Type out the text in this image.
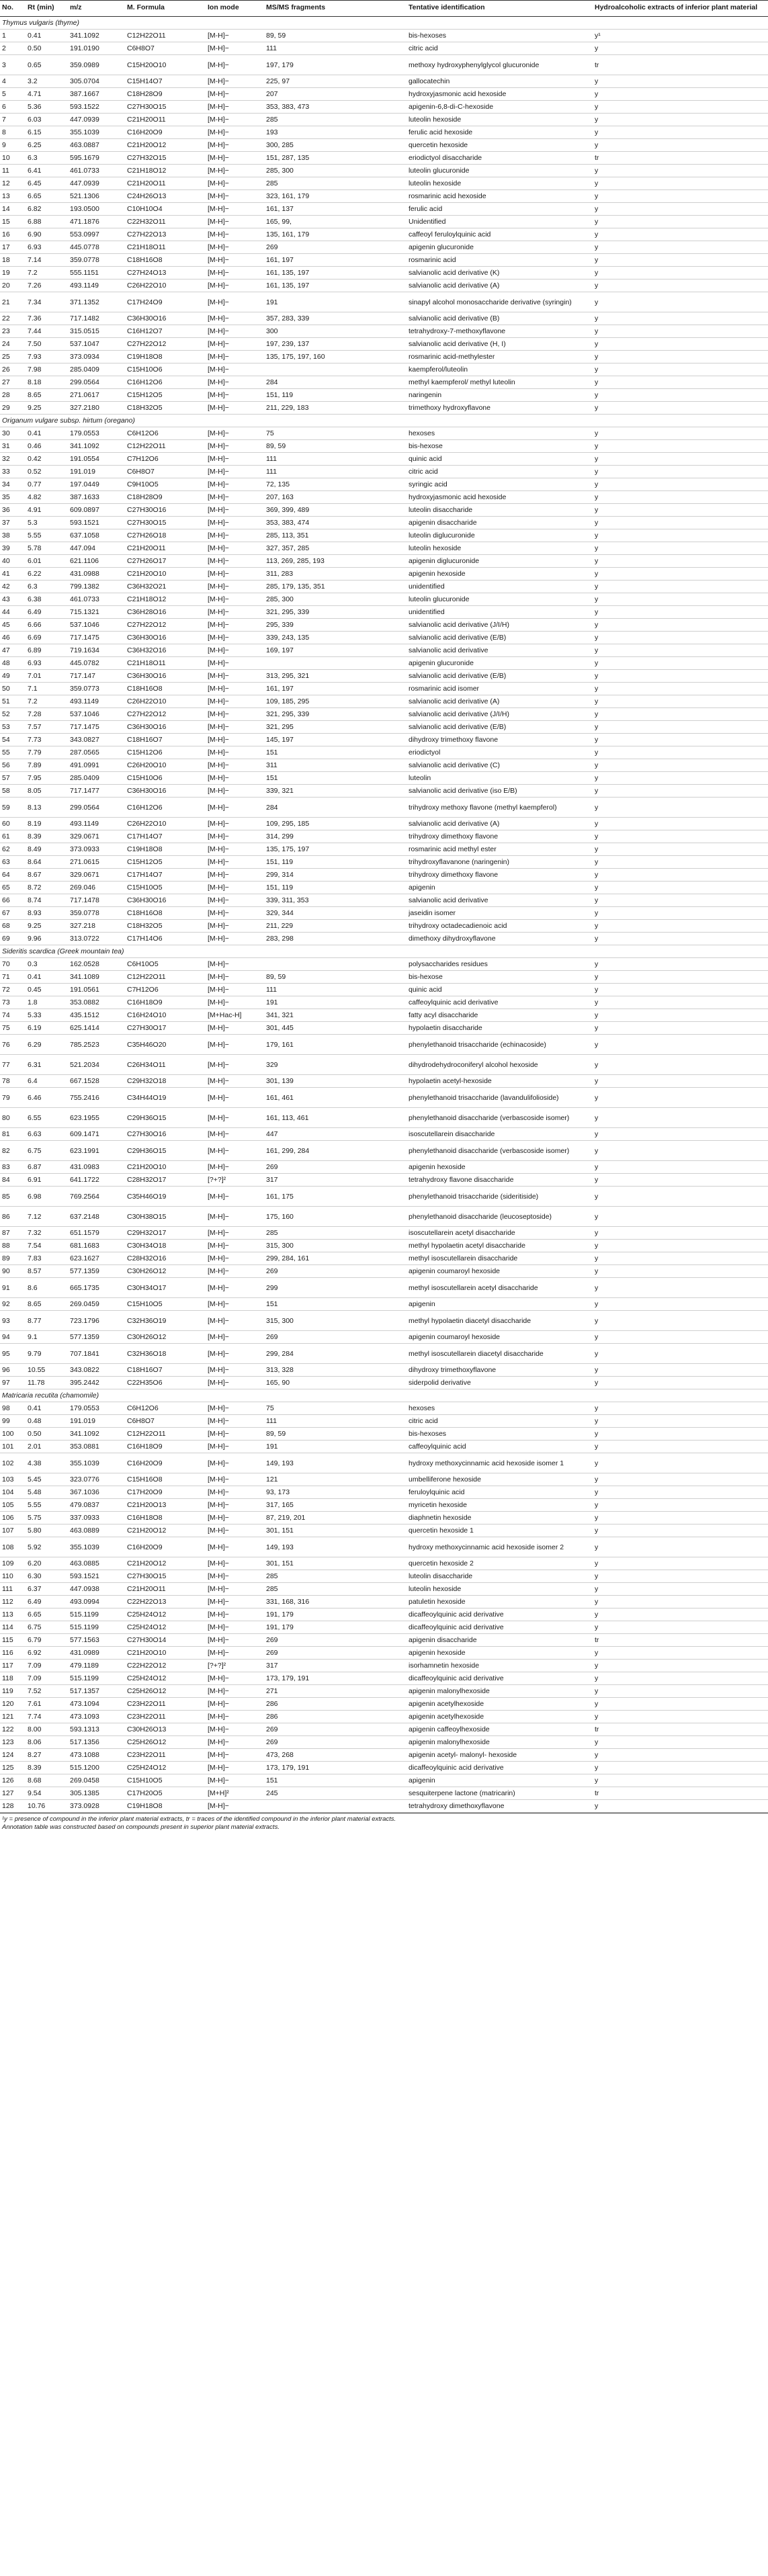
No.	Rt (min)	m/z	M. Formula	Ion mode	MS/MS fragments	Tentative identification	Hydroalcoholic extracts of inferior plant material
Thymus vulgaris (thyme)							
1	0.41	341.1092	C12H22O11	[M-H]−	89, 59	bis-hexoses	y¹
2	0.50	191.0190	C6H8O7	[M-H]−	111	citric acid	y
3	0.65	359.0989	C15H20O10	[M-H]−	197, 179	methoxy hydroxyphenylglycol glucuronide	tr
4	3.2	305.0704	C15H14O7	[M-H]−	225, 97	gallocatechin	y
5	4.71	387.1667	C18H28O9	[M-H]−	207	hydroxyjasmonic acid hexoside	y
6	5.36	593.1522	C27H30O15	[M-H]−	353, 383, 473	apigenin-6,8-di-C-hexoside	y
7	6.03	447.0939	C21H20O11	[M-H]−	285	luteolin hexoside	y
8	6.15	355.1039	C16H20O9	[M-H]−	193	ferulic acid hexoside	y
9	6.25	463.0887	C21H20O12	[M-H]−	300, 285	quercetin hexoside	y
10	6.3	595.1679	C27H32O15	[M-H]−	151, 287, 135	eriodictyol disaccharide	tr
11	6.41	461.0733	C21H18O12	[M-H]−	285, 300	luteolin glucuronide	y
12	6.45	447.0939	C21H20O11	[M-H]−	285	luteolin hexoside	y
13	6.65	521.1306	C24H26O13	[M-H]−	323, 161, 179	rosmarinic acid hexoside	y
14	6.82	193.0500	C10H10O4	[M-H]−	161, 137	ferulic acid	y
15	6.88	471.1876	C22H32O11	[M-H]−	165, 99,	Unidentified	y
16	6.90	553.0997	C27H22O13	[M-H]−	135, 161, 179	caffeoyl feruloylquinic acid	y
17	6.93	445.0778	C21H18O11	[M-H]−	269	apigenin glucuronide	y
18	7.14	359.0778	C18H16O8	[M-H]−	161, 197	rosmarinic acid	y
19	7.2	555.1151	C27H24O13	[M-H]−	161, 135, 197	salvianolic acid derivative (K)	y
20	7.26	493.1149	C26H22O10	[M-H]−	161, 135, 197	salvianolic acid derivative (A)	y
21	7.34	371.1352	C17H24O9	[M-H]−	191	sinapyl alcohol monosaccharide derivative (syringin)	y
22	7.36	717.1482	C36H30O16	[M-H]−	357, 283, 339	salvianolic acid derivative (B)	y
23	7.44	315.0515	C16H12O7	[M-H]−	300	tetrahydroxy-7-methoxyflavone	y
24	7.50	537.1047	C27H22O12	[M-H]−	197, 239, 137	salvianolic acid derivative (H, I)	y
25	7.93	373.0934	C19H18O8	[M-H]−	135, 175, 197, 160	rosmarinic acid-methylester	y
26	7.98	285.0409	C15H10O6	[M-H]−		kaempferol/luteolin	y
27	8.18	299.0564	C16H12O6	[M-H]−	284	methyl kaempferol/ methyl luteolin	y
28	8.65	271.0617	C15H12O5	[M-H]−	151, 119	naringenin	y
29	9.25	327.2180	C18H32O5	[M-H]−	211, 229, 183	trimethoxy hydroxyflavone	y
Origanum vulgare subsp. hirtum (oregano)							
30	0.41	179.0553	C6H12O6	[M-H]−	75	hexoses	y
31	0.46	341.1092	C12H22O11	[M-H]−	89, 59	bis-hexose	y
32	0.42	191.0554	C7H12O6	[M-H]−	111	quinic acid	y
33	0.52	191.019	C6H8O7	[M-H]−	111	citric acid	y
34	0.77	197.0449	C9H10O5	[M-H]−	72, 135	syringic acid	y
35	4.82	387.1633	C18H28O9	[M-H]−	207, 163	hydroxyjasmonic acid hexoside	y
36	4.91	609.0897	C27H30O16	[M-H]−	369, 399, 489	luteolin disaccharide	y
37	5.3	593.1521	C27H30O15	[M-H]−	353, 383, 474	apigenin disaccharide	y
38	5.55	637.1058	C27H26O18	[M-H]−	285, 113, 351	luteolin diglucuronide	y
39	5.78	447.094	C21H20O11	[M-H]−	327, 357, 285	luteolin hexoside	y
40	6.01	621.1106	C27H26O17	[M-H]−	113, 269, 285, 193	apigenin diglucuronide	y
41	6.22	431.0988	C21H20O10	[M-H]−	311, 283	apigenin hexoside	y
42	6.3	799.1382	C36H32O21	[M-H]−	285, 179, 135, 351	unidentified	y
43	6.38	461.0733	C21H18O12	[M-H]−	285, 300	luteolin glucuronide	y
44	6.49	715.1321	C36H28O16	[M-H]−	321, 295, 339	unidentified	y
45	6.66	537.1046	C27H22O12	[M-H]−	295, 339	salvianolic acid derivative (J/I/H)	y
46	6.69	717.1475	C36H30O16	[M-H]−	339, 243, 135	salvianolic acid derivative (E/B)	y
47	6.89	719.1634	C36H32O16	[M-H]−	169, 197	salvianolic acid derivative	y
48	6.93	445.0782	C21H18O11	[M-H]−		apigenin glucuronide	y
49	7.01	717.147	C36H30O16	[M-H]−	313, 295, 321	salvianolic acid derivative (E/B)	y
50	7.1	359.0773	C18H16O8	[M-H]−	161, 197	rosmarinic acid isomer	y
51	7.2	493.1149	C26H22O10	[M-H]−	109, 185, 295	salvianolic acid derivative (A)	y
52	7.28	537.1046	C27H22O12	[M-H]−	321, 295, 339	salvianolic acid derivative (J/I/H)	y
53	7.57	717.1475	C36H30O16	[M-H]−	321, 295	salvianolic acid derivative (E/B)	y
54	7.73	343.0827	C18H16O7	[M-H]−	145, 197	dihydroxy trimethoxy flavone	y
55	7.79	287.0565	C15H12O6	[M-H]−	151	eriodictyol	y
56	7.89	491.0991	C26H20O10	[M-H]−	311	salvianolic acid derivative (C)	y
57	7.95	285.0409	C15H10O6	[M-H]−	151	luteolin	y
58	8.05	717.1477	C36H30O16	[M-H]−	339, 321	salvianolic acid derivative (iso E/B)	y
59	8.13	299.0564	C16H12O6	[M-H]−	284	trihydroxy methoxy flavone (methyl kaempferol)	y
60	8.19	493.1149	C26H22O10	[M-H]−	109, 295, 185	salvianolic acid derivative (A)	y
61	8.39	329.0671	C17H14O7	[M-H]−	314, 299	trihydroxy dimethoxy flavone	y
62	8.49	373.0933	C19H18O8	[M-H]−	135, 175, 197	rosmarinic acid methyl ester	y
63	8.64	271.0615	C15H12O5	[M-H]−	151, 119	trihydroxyflavanone (naringenin)	y
64	8.67	329.0671	C17H14O7	[M-H]−	299, 314	trihydroxy dimethoxy flavone	y
65	8.72	269.046	C15H10O5	[M-H]−	151, 119	apigenin	y
66	8.74	717.1478	C36H30O16	[M-H]−	339, 311, 353	salvianolic acid derivative	y
67	8.93	359.0778	C18H16O8	[M-H]−	329, 344	jaseidin isomer	y
68	9.25	327.218	C18H32O5	[M-H]−	211, 229	trihydroxy octadecadienoic acid	y
69	9.96	313.0722	C17H14O6	[M-H]−	283, 298	dimethoxy dihydroxyflavone	y
Sideritis scardica (Greek mountain tea)							
70	0.3	162.0528	C6H10O5	[M-H]−		polysaccharides residues	y
71	0.41	341.1089	C12H22O11	[M-H]−	89, 59	bis-hexose	y
72	0.45	191.0561	C7H12O6	[M-H]−	111	quinic acid	y
73	1.8	353.0882	C16H18O9	[M-H]−	191	caffeoylquinic acid derivative	y
74	5.33	435.1512	C16H24O10	[M+Hac-H]	341, 321	fatty acyl disaccharide	y
75	6.19	625.1414	C27H30O17	[M-H]−	301, 445	hypolaetin disaccharide	y
76	6.29	785.2523	C35H46O20	[M-H]−	179, 161	phenylethanoid trisaccharide (echinacoside)	y
77	6.31	521.2034	C26H34O11	[M-H]−	329	dihydrodehydroconiferyl alcohol hexoside	y
78	6.4	667.1528	C29H32O18	[M-H]−	301, 139	hypolaetin acetyl-hexoside	y
79	6.46	755.2416	C34H44O19	[M-H]−	161, 461	phenylethanoid trisaccharide (lavandulifolioside)	y
80	6.55	623.1955	C29H36O15	[M-H]−	161, 113, 461	phenylethanoid disaccharide (verbascoside isomer)	y
81	6.63	609.1471	C27H30O16	[M-H]−	447	isoscutellarein disaccharide	y
82	6.75	623.1991	C29H36O15	[M-H]−	161, 299, 284	phenylethanoid disaccharide (verbascoside isomer)	y
83	6.87	431.0983	C21H20O10	[M-H]−	269	apigenin hexoside	y
84	6.91	641.1722	C28H32O17	[?+?]²	317	tetrahydroxy flavone disaccharide	y
85	6.98	769.2564	C35H46O19	[M-H]−	161, 175	phenylethanoid trisaccharide (sideritiside)	y
86	7.12	637.2148	C30H38O15	[M-H]−	175, 160	phenylethanoid disaccharide (leucoseptoside)	y
87	7.32	651.1579	C29H32O17	[M-H]−	285	isoscutellarein acetyl disaccharide	y
88	7.54	681.1683	C30H34O18	[M-H]−	315, 300	methyl hypolaetin acetyl disaccharide	y
89	7.83	623.1627	C28H32O16	[M-H]−	299, 284, 161	methyl isoscutellarein disaccharide	y
90	8.57	577.1359	C30H26O12	[M-H]−	269	apigenin coumaroyl hexoside	y
91	8.6	665.1735	C30H34O17	[M-H]−	299	methyl isoscutellarein acetyl disaccharide	y
92	8.65	269.0459	C15H10O5	[M-H]−	151	apigenin	y
93	8.77	723.1796	C32H36O19	[M-H]−	315, 300	methyl hypolaetin diacetyl disaccharide	y
94	9.1	577.1359	C30H26O12	[M-H]−	269	apigenin coumaroyl hexoside	y
95	9.79	707.1841	C32H36O18	[M-H]−	299, 284	methyl isoscutellarein diacetyl disaccharide	y
96	10.55	343.0822	C18H16O7	[M-H]−	313, 328	dihydroxy trimethoxyflavone	y
97	11.78	395.2442	C22H35O6	[M-H]−	165, 90	siderpolid derivative	y
Matricaria recutita (chamomile)							
98	0.41	179.0553	C6H12O6	[M-H]−	75	hexoses	y
99	0.48	191.019	C6H8O7	[M-H]−	111	citric acid	y
100	0.50	341.1092	C12H22O11	[M-H]−	89, 59	bis-hexoses	y
101	2.01	353.0881	C16H18O9	[M-H]−	191	caffeoylquinic acid	y
102	4.38	355.1039	C16H20O9	[M-H]−	149, 193	hydroxy methoxycinnamic acid hexoside isomer 1	y
103	5.45	323.0776	C15H16O8	[M-H]−	121	umbelliferone hexoside	y
104	5.48	367.1036	C17H20O9	[M-H]−	93, 173	feruloylquinic acid	y
105	5.55	479.0837	C21H20O13	[M-H]−	317, 165	myricetin hexoside	y
106	5.75	337.0933	C16H18O8	[M-H]−	87, 219, 201	diaphnetin hexoside	y
107	5.80	463.0889	C21H20O12	[M-H]−	301, 151	quercetin hexoside 1	y
108	5.92	355.1039	C16H20O9	[M-H]−	149, 193	hydroxy methoxycinnamic acid hexoside isomer 2	y
109	6.20	463.0885	C21H20O12	[M-H]−	301, 151	quercetin hexoside 2	y
110	6.30	593.1521	C27H30O15	[M-H]−	285	luteolin disaccharide	y
111	6.37	447.0938	C21H20O11	[M-H]−	285	luteolin hexoside	y
112	6.49	493.0994	C22H22O13	[M-H]−	331, 168, 316	patuletin hexoside	y
113	6.65	515.1199	C25H24O12	[M-H]−	191, 179	dicaffeoylquinic acid derivative	y
114	6.75	515.1199	C25H24O12	[M-H]−	191, 179	dicaffeoylquinic acid derivative	y
115	6.79	577.1563	C27H30O14	[M-H]−	269	apigenin disaccharide	tr
116	6.92	431.0989	C21H20O10	[M-H]−	269	apigenin hexoside	y
117	7.09	479.1189	C22H22O12	[?+?]²	317	isorhamnetin hexoside	y
118	7.09	515.1199	C25H24O12	[M-H]−	173, 179, 191	dicaffeoylquinic acid derivative	y
119	7.52	517.1357	C25H26O12	[M-H]−	271	apigenin malonylhexoside	y
120	7.61	473.1094	C23H22O11	[M-H]−	286	apigenin acetylhexoside	y
121	7.74	473.1093	C23H22O11	[M-H]−	286	apigenin acetylhexoside	y
122	8.00	593.1313	C30H26O13	[M-H]−	269	apigenin caffeoylhexoside	tr
123	8.06	517.1356	C25H26O12	[M-H]−	269	apigenin malonylhexoside	y
124	8.27	473.1088	C23H22O11	[M-H]−	473, 268	apigenin acetyl- malonyl- hexoside	y
125	8.39	515.1200	C25H24O12	[M-H]−	173, 179, 191	dicaffeoylquinic acid derivative	y
126	8.68	269.0458	C15H10O5	[M-H]−	151	apigenin	y
127	9.54	305.1385	C17H20O5	[M+H]²	245	sesquiterpene lactone (matricarin)	tr
128	10.76	373.0928	C19H18O8	[M-H]−		tetrahydroxy dimethoxyflavone	y
¹y = presence of compound in the inferior plant material extracts, tr = traces of the identified compound in the inferior plant material extracts.
Annotation table was constructed based on compounds present in superior plant material extracts.
